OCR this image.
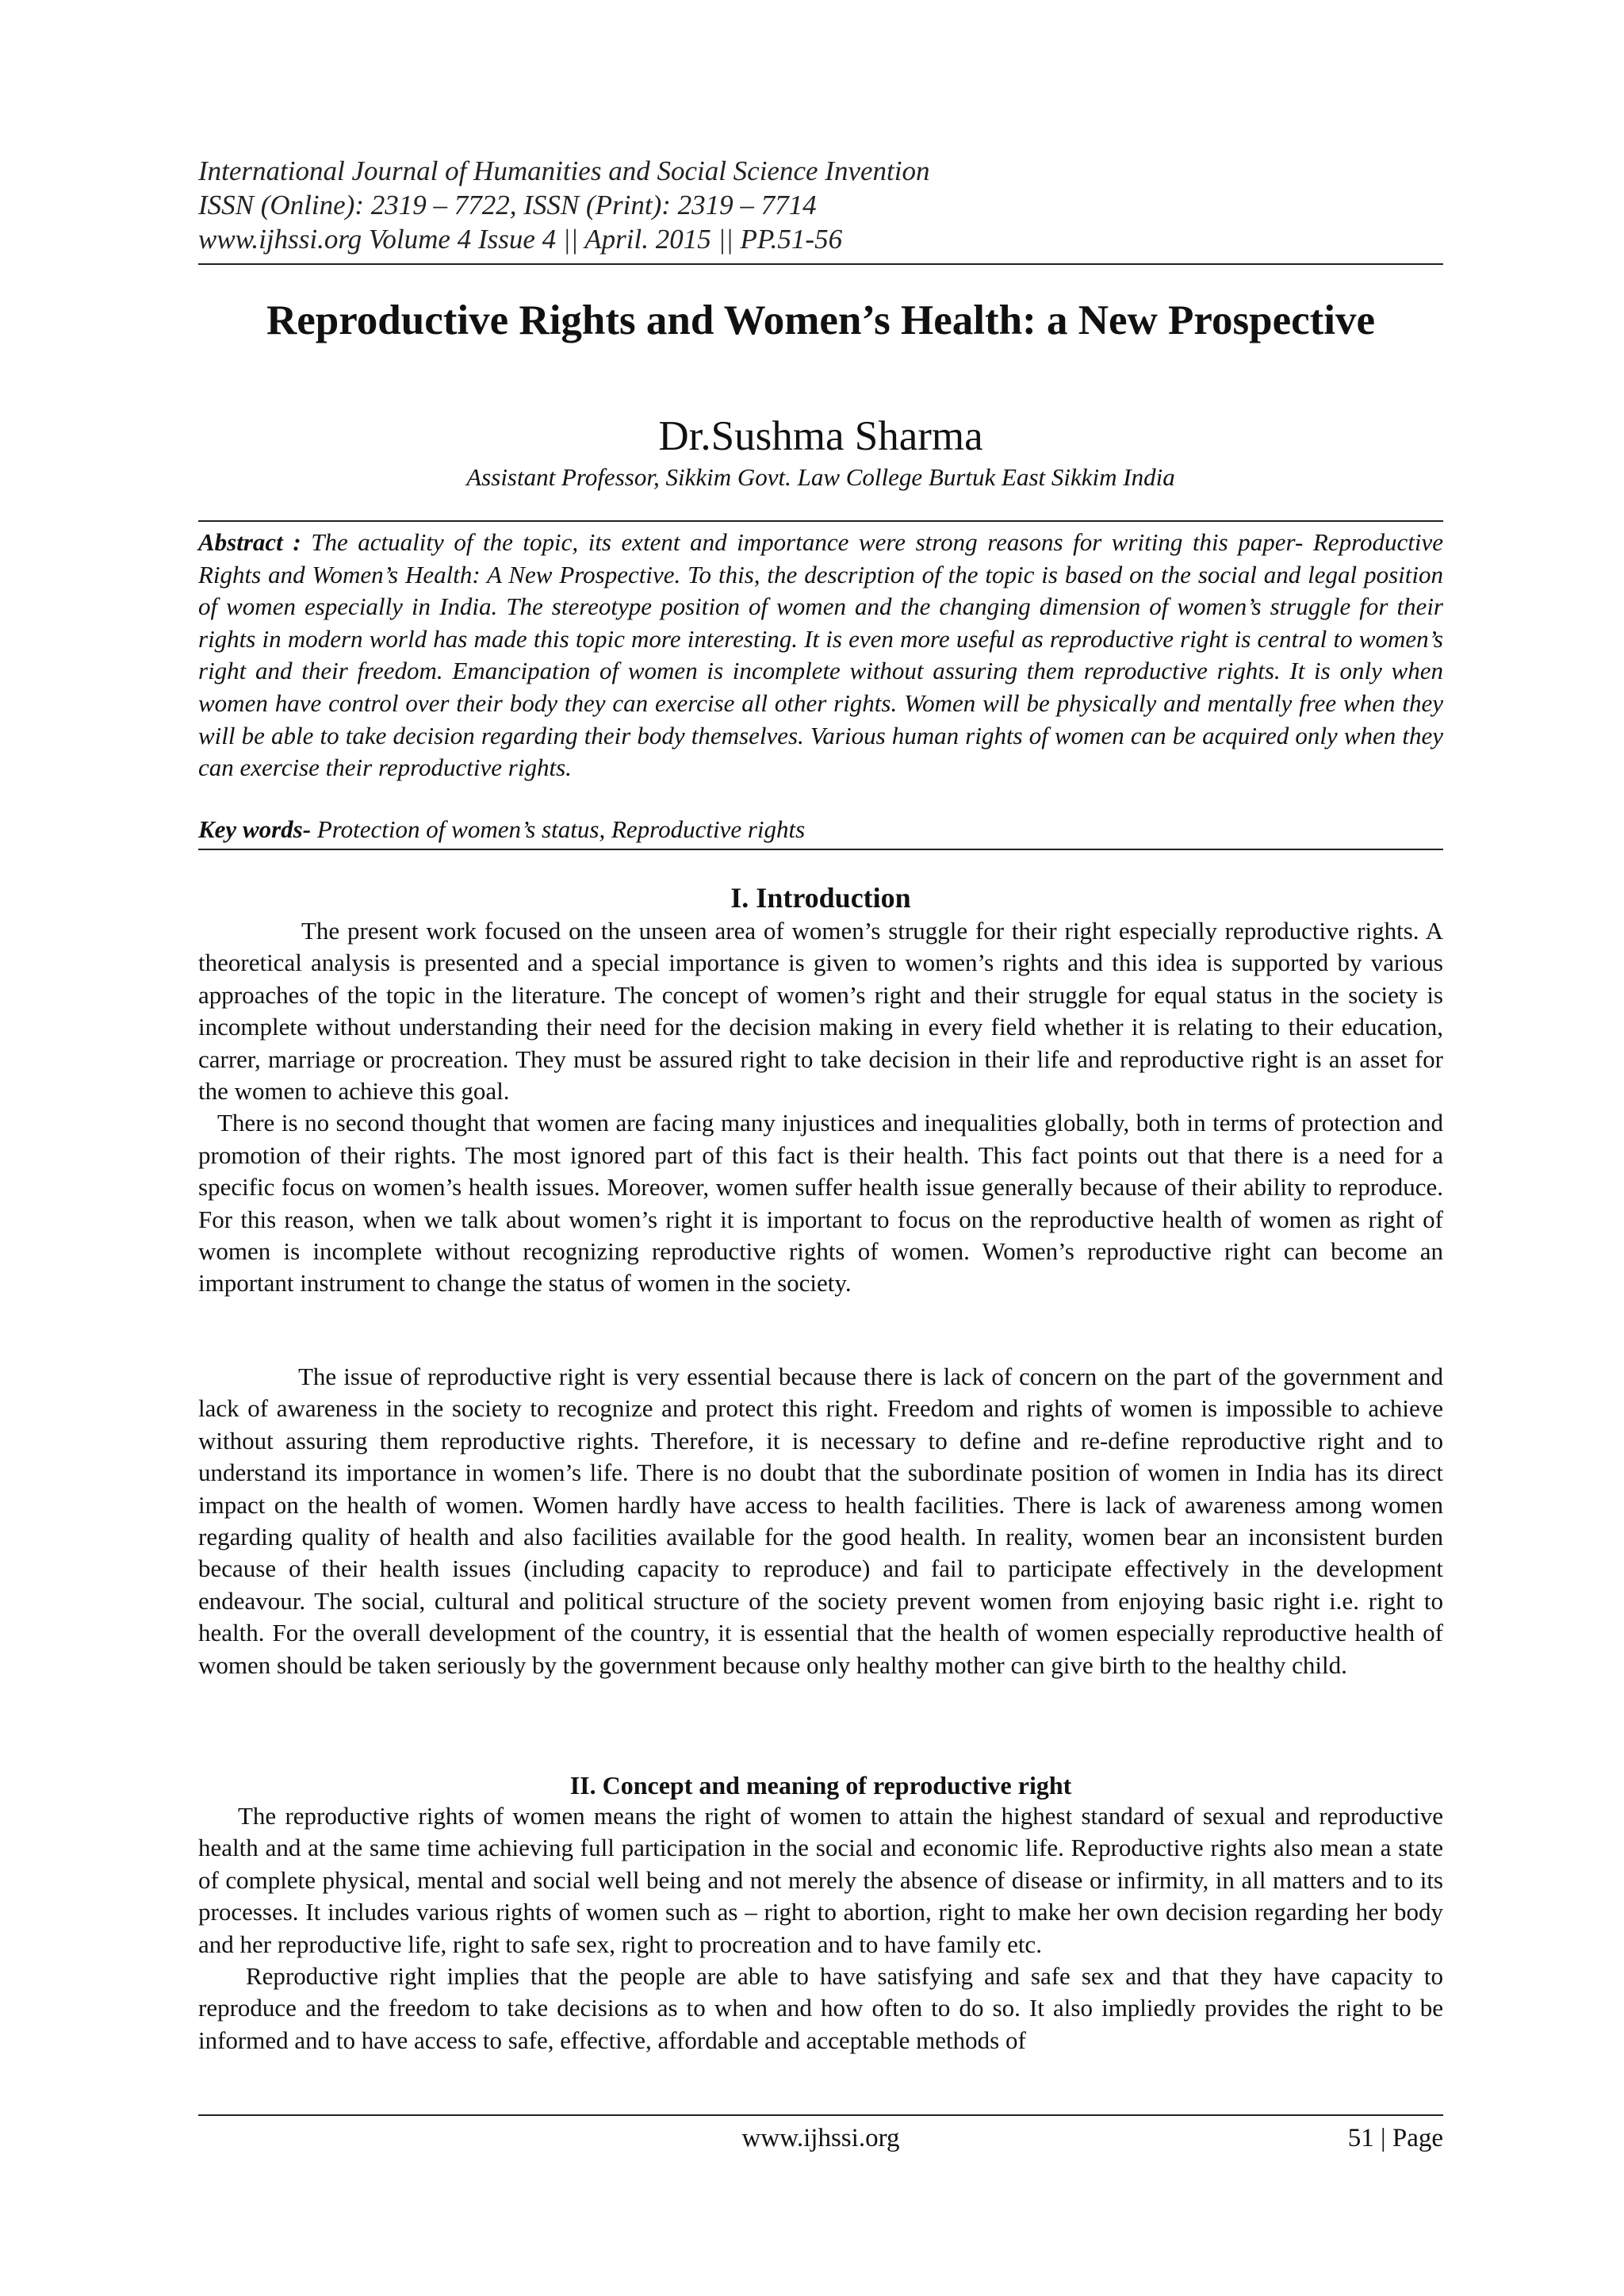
International Journal of Humanities and Social Science Invention
ISSN (Online): 2319 – 7722, ISSN (Print): 2319 – 7714
www.ijhssi.org Volume 4 Issue 4 || April. 2015 || PP.51-56
Reproductive Rights and Women’s Health: a New Prospective
Dr.Sushma Sharma
Assistant Professor, Sikkim Govt. Law College Burtuk East Sikkim India
Abstract : The actuality of the topic, its extent and importance were strong reasons for writing this paper- Reproductive Rights and Women’s Health: A New Prospective. To this, the description of the topic is based on the social and legal position of women especially in India. The stereotype position of women and the changing dimension of women’s struggle for their rights in modern world has made this topic more interesting. It is even more useful as reproductive right is central to women’s right and their freedom. Emancipation of women is incomplete without assuring them reproductive rights. It is only when women have control over their body they can exercise all other rights. Women will be physically and mentally free when they will be able to take decision regarding their body themselves. Various human rights of women can be acquired only when they can exercise their reproductive rights.
Key words- Protection of women’s status, Reproductive rights
I. Introduction

The present work focused on the unseen area of women’s struggle for their right especially reproductive rights. A theoretical analysis is presented and a special importance is given to women’s rights and this idea is supported by various approaches of the topic in the literature. The concept of women’s right and their struggle for equal status in the society is incomplete without understanding their need for the decision making in every field whether it is relating to their education, carrer, marriage or procreation. They must be assured right to take decision in their life and reproductive right is an asset for the women to achieve this goal.

There is no second thought that women are facing many injustices and inequalities globally, both in terms of protection and promotion of their rights. The most ignored part of this fact is their health. This fact points out that there is a need for a specific focus on women’s health issues. Moreover, women suffer health issue generally because of their ability to reproduce. For this reason, when we talk about women’s right it is important to focus on the reproductive health of women as right of women is incomplete without recognizing reproductive rights of women. Women’s reproductive right can become an important instrument to change the status of women in the society.

The issue of reproductive right is very essential because there is lack of concern on the part of the government and lack of awareness in the society to recognize and protect this right. Freedom and rights of women is impossible to achieve without assuring them reproductive rights. Therefore, it is necessary to define and re-define reproductive right and to understand its importance in women’s life. There is no doubt that the subordinate position of women in India has its direct impact on the health of women. Women hardly have access to health facilities. There is lack of awareness among women regarding quality of health and also facilities available for the good health. In reality, women bear an inconsistent burden because of their health issues (including capacity to reproduce) and fail to participate effectively in the development endeavour. The social, cultural and political structure of the society prevent women from enjoying basic right i.e. right to health. For the overall development of the country, it is essential that the health of women especially reproductive health of women should be taken seriously by the government because only healthy mother can give birth to the healthy child.

II. Concept and meaning of reproductive right

The reproductive rights of women means the right of women to attain the highest standard of sexual and reproductive health and at the same time achieving full participation in the social and economic life. Reproductive rights also mean a state of complete physical, mental and social well being and not merely the absence of disease or infirmity, in all matters and to its processes. It includes various rights of women such as – right to abortion, right to make her own decision regarding her body and her reproductive life, right to safe sex, right to procreation and to have family etc.

Reproductive right implies that the people are able to have satisfying and safe sex and that they have capacity to reproduce and the freedom to take decisions as to when and how often to do so. It also impliedly provides the right to be informed and to have access to safe, effective, affordable and acceptable methods of

www.ijhssi.org	51 | Page
